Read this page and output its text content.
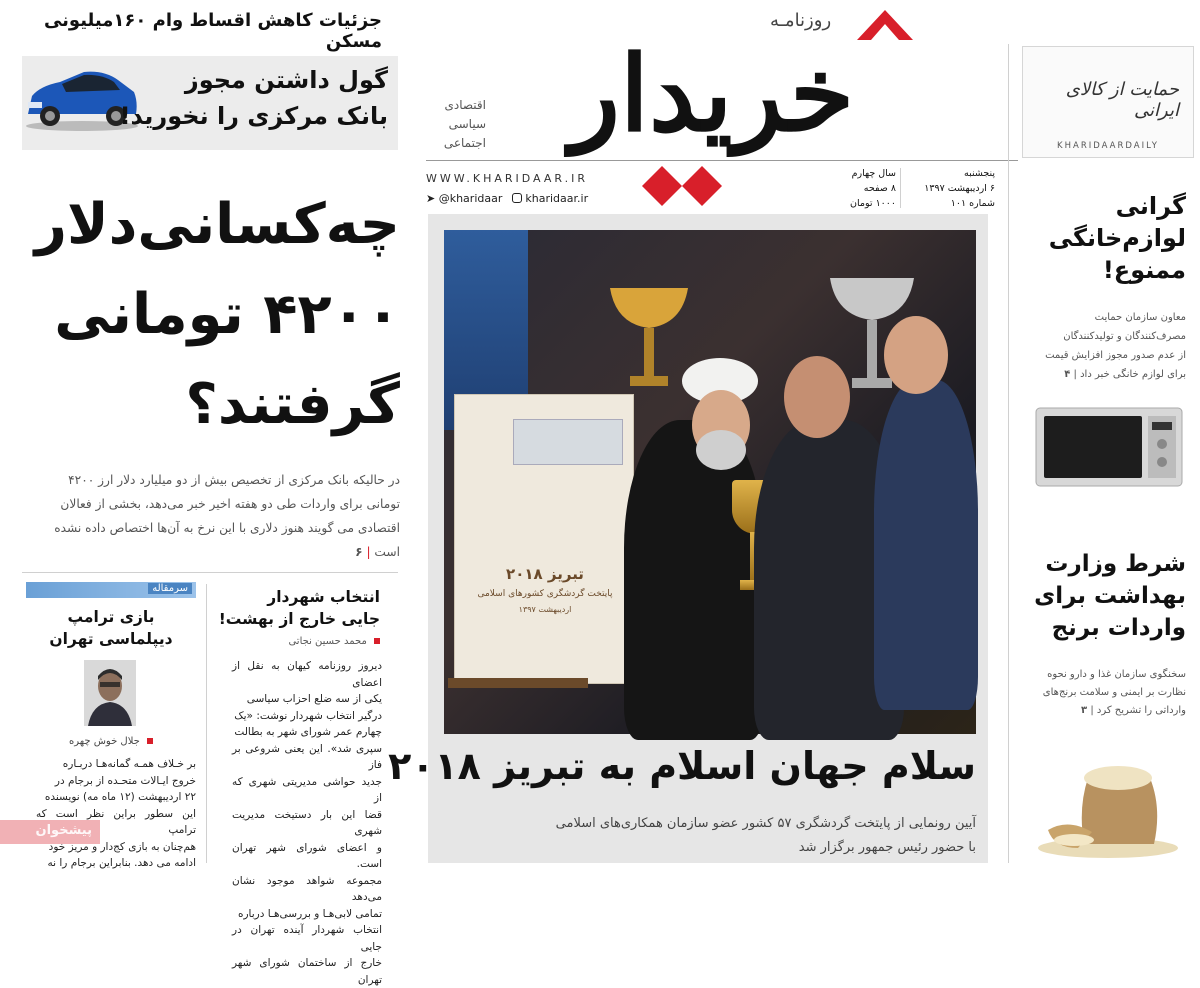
جزئیات کاهش اقساط وام ۱۶۰میلیونی مسکن
گول داشتن مجوز
بانک مرکزی را نخورید!
روزنامـه
خریدار
اقتصادی
سیاسی
اجتماعی
WWW.KHARIDAAR.IR
➤ @kharidaar kharidaar.ir
پنجشنبه
۶ اردیبهشت ۱۳۹۷
شماره ۱۰۱
سال چهارم
۸ صفحه
۱۰۰۰ تومان
حمایت از کالای ایرانی
KHARIDAARDAILY
گرانی
لوازم‌خانگی
ممنوع!
معاون سازمان حمایت
مصرف‌کنندگان و تولیدکنندگان
از عدم صدور مجوز افزایش قیمت
برای لوازم خانگی خبر داد | ۴
شرط وزارت
بهداشت برای
واردات برنج
سخنگوی سازمان غذا و دارو نحوه
نظارت بر ایمنی و سلامت برنج‌های
وارداتی را تشریح کرد | ۳
چه‌کسانی‌دلار
۴۲۰۰ تومانی
گرفتند؟
در حالیکه بانک مرکزی از تخصیص بیش از دو میلیارد دلار ارز ۴۲۰۰
تومانی برای واردات طی دو هفته اخیر خبر می‌دهد، بخشی از فعالان
اقتصادی می گویند هنوز دلاری با این نرخ به آن‌ها اختصاص داده نشده
است | ۶
انتخاب شهردار
جایی خارج از بهشت!
محمد حسین نجاتی
دیروز روزنامه کیهان به نقل از اعضای
یکی از سه ضلع احزاب سیاسی
درگیر انتخاب شهردار نوشت: «یک
چهارم عمر شورای شهر به بطالت
سپری شد». این یعنی شروعی بر فاز
جدید حواشی مدیریتی شهری که از
قضا این بار دستیخت مدیریت شهری
و اعضای شورای شهر تهران است.
مجموعه شواهد موجود نشان می‌دهد
تمامی لابی‌هـا و بررسی‌هـا درباره
انتخاب شهردار آینده تهران در جایی
خارج از ساختمان شورای شهر تهران
سرمقاله
بازی ترامپ
دیپلماسی تهران
جلال خوش چهره
بر خـلاف همـه گمانه‌هـا دربـاره
خروج ایـالات متحـده از برجام در
۲۲ اردیبهشت (۱۲ ماه مه) نویسنده
این سطور براین نظر است که ترامپ
هم‌چنان به بازی کج‌دار و مریز خود
ادامه می دهد. بنابراین برجام را نه
پیشخوان
تبریز ۲۰۱۸
پایتخت گردشگری کشورهای اسلامی
اردیبهشت ۱۳۹۷
سلام جهان اسلام به تبریز ۲۰۱۸
آیین رونمایی از پایتخت گردشگری ۵۷ کشور عضو سازمان همکاری‌های اسلامی
با حضور رئیس جمهور برگزار شد
